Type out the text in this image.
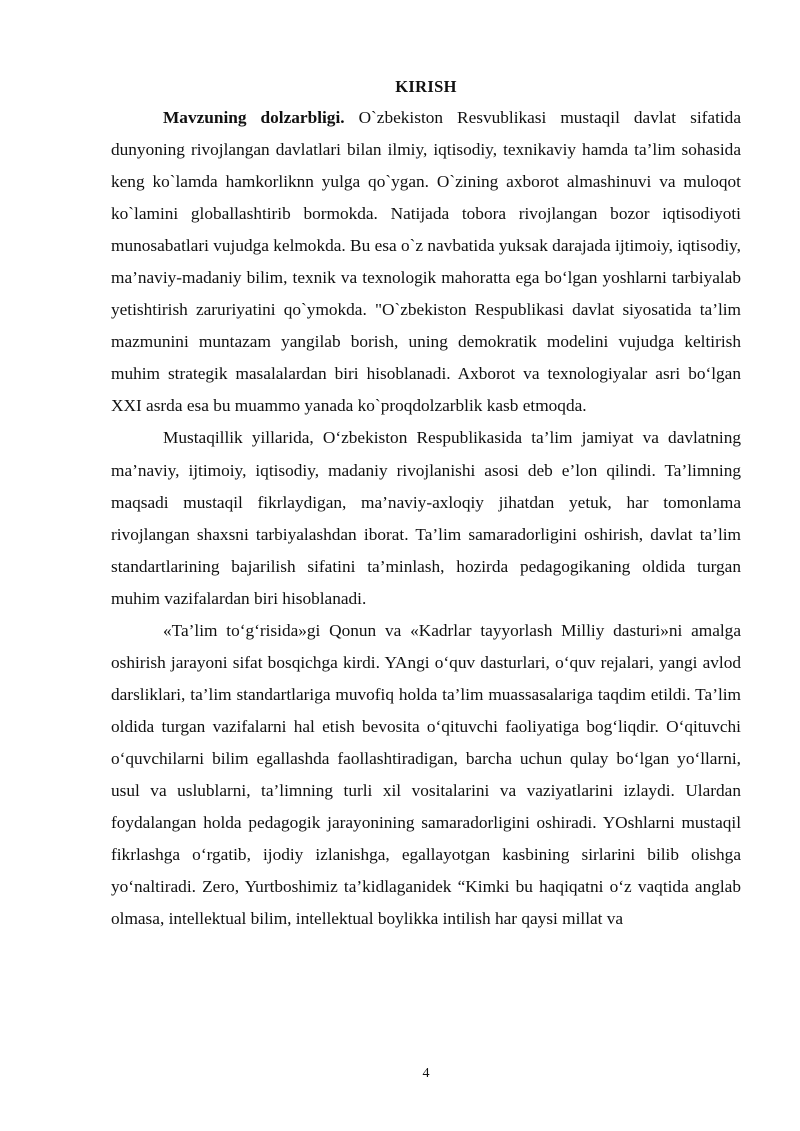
KIRISH

Mavzuning dolzarbligi. O`zbekiston Resvublikasi mustaqil davlat sifatida dunyoning rivojlangan davlatlari bilan ilmiy, iqtisodiy, texnikaviy hamda ta’lim sohasida keng ko`lamda hamkorliknn yulga qo`ygan. O`zining axborot almashinuvi va muloqot ko`lamini globallashtirib bormokda. Natijada tobora rivojlangan bozor iqtisodiyoti munosabatlari vujudga kelmokda. Bu esa o`z navbatida yuksak darajada ijtimoiy, iqtisodiy, ma’naviy-madaniy bilim, texnik va texnologik mahoratta ega bo‘lgan yoshlarni tarbiyalab yetishtirish zaruriyatini qo`ymokda. "O`zbekiston Respublikasi davlat siyosatida ta’lim mazmunini muntazam yangilab borish, uning demokratik modelini vujudga keltirish muhim strategik masalalardan biri hisoblanadi. Axborot va texnologiyalar asri bo‘lgan XXI asrda esa bu muammo yanada ko`proqdolzarblik kasb etmoqda.

Mustaqillik yillarida, O‘zbekiston Respublikasida ta’lim jamiyat va davlatning ma’naviy, ijtimoiy, iqtisodiy, madaniy rivojlanishi asosi deb e’lon qilindi. Ta’limning maqsadi mustaqil fikrlaydigan, ma’naviy-axloqiy jihatdan yetuk, har tomonlama rivojlangan shaxsni tarbiyalashdan iborat. Ta’lim samaradorligini oshirish, davlat ta’lim standartlarining bajarilish sifatini ta’minlash, hozirda pedagogikaning oldida turgan muhim vazifalardan biri hisoblanadi.

«Ta’lim to‘g‘risida»gi Qonun va «Kadrlar tayyorlash Milliy dasturi»ni amalga oshirish jarayoni sifat bosqichga kirdi. YAngi o‘quv dasturlari, o‘quv rejalari, yangi avlod darsliklari, ta’lim standartlariga muvofiq holda ta’lim muassasalariga taqdim etildi. Ta’lim oldida turgan vazifalarni hal etish bevosita o‘qituvchi faoliyatiga bog‘liqdir. O‘qituvchi o‘quvchilarni bilim egallashda faollashtiradigan, barcha uchun qulay bo‘lgan yo‘llarni, usul va uslublarni, ta’limning turli xil vositalarini va vaziyatlarini izlaydi. Ulardan foydalangan holda pedagogik jarayonining samaradorligini oshiradi. YOshlarni mustaqil fikrlashga o‘rgatib, ijodiy izlanishga, egallayotgan kasbining sirlarini bilib olishga yo‘naltiradi. Zero, Yurtboshimiz ta’kidlaganidek “Kimki bu haqiqatni o‘z vaqtida anglab olmasa, intellektual bilim, intellektual boylikka intilish har qaysi millat va

4
